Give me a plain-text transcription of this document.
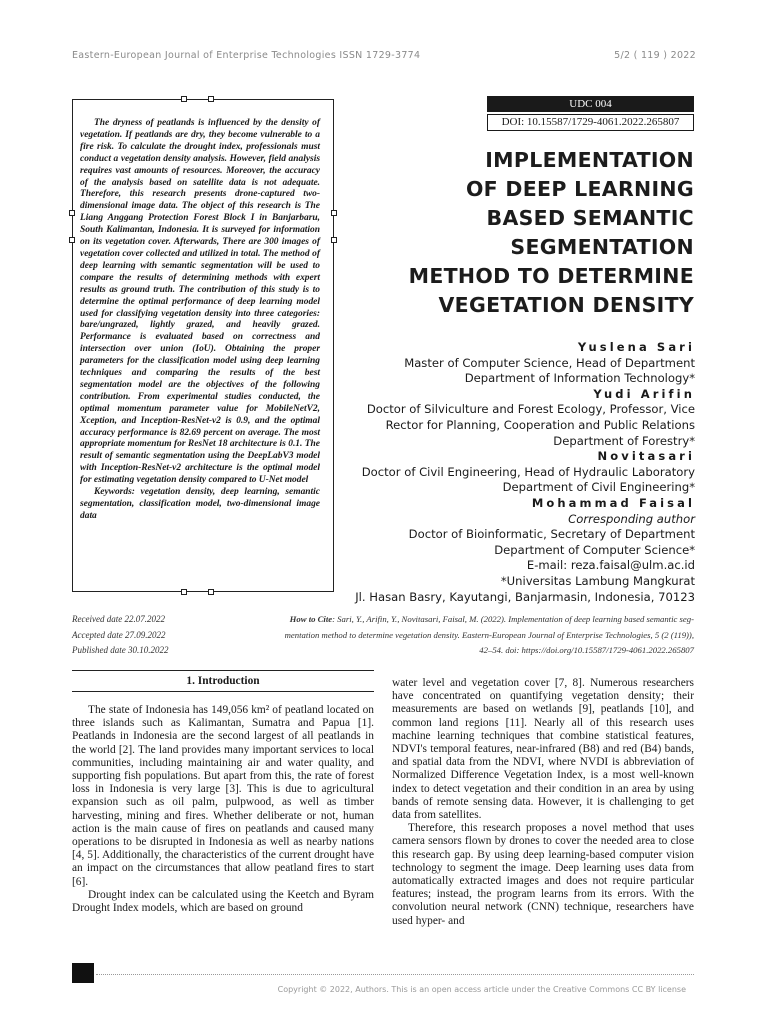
Eastern-European Journal of Enterprise Technologies ISSN 1729-3774	5/2 ( 119 ) 2022

The dryness of peatlands is influenced by the density of vegetation. If peatlands are dry, they become vulnerable to a fire risk. To calculate the drought index, professionals must conduct a vegetation density analysis. However, field analysis requires vast amounts of resources. Moreover, the accuracy of the analysis based on satellite data is not adequate. Therefore, this research presents drone-captured two-dimensional image data. The object of this research is The Liang Anggang Protection Forest Block I in Banjarbaru, South Kalimantan, Indonesia. It is surveyed for information on its vegetation cover. Afterwards, There are 300 images of vegetation cover collected and utilized in total. The method of deep learning with semantic segmentation will be used to compare the results of determining methods with expert results as ground truth. The contribution of this study is to determine the optimal performance of deep learning model used for classifying vegetation density into three categories: bare/ungrazed, lightly grazed, and heavily grazed. Performance is evaluated based on correctness and intersection over union (IoU). Obtaining the proper parameters for the classification model using deep learning techniques and comparing the results of the best segmentation model are the objectives of the following contribution. From experimental studies conducted, the optimal momentum parameter value for MobileNetV2, Xception, and Inception-ResNet-v2 is 0.9, and the optimal accuracy performance is 82.69 percent on average. The most appropriate momentum for ResNet 18 architecture is 0.1. The result of semantic segmentation using the DeepLabV3 model with Inception-ResNet-v2 architecture is the optimal model for estimating vegetation density compared to U-Net model

Keywords: vegetation density, deep learning, semantic segmentation, classification model, two-dimensional image data

UDC 004
DOI: 10.15587/1729-4061.2022.265807
IMPLEMENTATION
OF DEEP LEARNING
BASED SEMANTIC
SEGMENTATION
METHOD TO DETERMINE
VEGETATION DENSITY
Yuslena Sari
Master of Computer Science, Head of Department
Department of Information Technology*
Yudi Arifin
Doctor of Silviculture and Forest Ecology, Professor, Vice
Rector for Planning, Cooperation and Public Relations
Department of Forestry*
Novitasari
Doctor of Civil Engineering, Head of Hydraulic Laboratory
Department of Civil Engineering*
Mohammad Faisal
Corresponding author
Doctor of Bioinformatic, Secretary of Department
Department of Computer Science*
E-mail: reza.faisal@ulm.ac.id
*Universitas Lambung Mangkurat
Jl. Hasan Basry, Kayutangi, Banjarmasin, Indonesia, 70123
Received date 22.07.2022
Accepted date 27.09.2022
Published date 30.10.2022
How to Cite: Sari, Y., Arifin, Y., Novitasari, Faisal, M. (2022). Implementation of deep learning based semantic seg-
mentation method to determine vegetation density. Eastern-European Journal of Enterprise Technologies, 5 (2 (119)),
42–54. doi: https://doi.org/10.15587/1729-4061.2022.265807
1. Introduction

The state of Indonesia has 149,056 km² of peatland located on three islands such as Kalimantan, Sumatra and Papua [1]. Peatlands in Indonesia are the second largest of all peatlands in the world [2]. The land provides many important services to local communities, including maintaining air and water quality, and supporting fish populations. But apart from this, the rate of forest loss in Indonesia is very large [3]. This is due to agricultural expansion such as oil palm, pulpwood, as well as timber harvesting, mining and fires. Whether deliberate or not, human action is the main cause of fires on peatlands and caused many operations to be disrupted in Indonesia as well as nearby nations [4, 5]. Additionally, the characteristics of the current drought have an impact on the circumstances that allow peatland fires to start [6].

Drought index can be calculated using the Keetch and Byram Drought Index models, which are based on ground

water level and vegetation cover [7, 8]. Numerous researchers have concentrated on quantifying vegetation density; their measurements are based on wetlands [9], peatlands [10], and common land regions [11]. Nearly all of this research uses machine learning techniques that combine statistical features, NDVI's temporal features, near-infrared (B8) and red (B4) bands, and spatial data from the NDVI, where NVDI is abbreviation of Normalized Difference Vegetation Index, is a most well-known index to detect vegetation and their condition in an area by using bands of remote sensing data. However, it is challenging to get data from satellites.

Therefore, this research proposes a novel method that uses camera sensors flown by drones to cover the needed area to close this research gap. By using deep learning-based computer vision technology to segment the image. Deep learning uses data from automatically extracted images and does not require particular features; instead, the program learns from its errors. With the convolution neural network (CNN) technique, researchers have used hyper- and

Copyright © 2022, Authors. This is an open access article under the Creative Commons CC BY license
